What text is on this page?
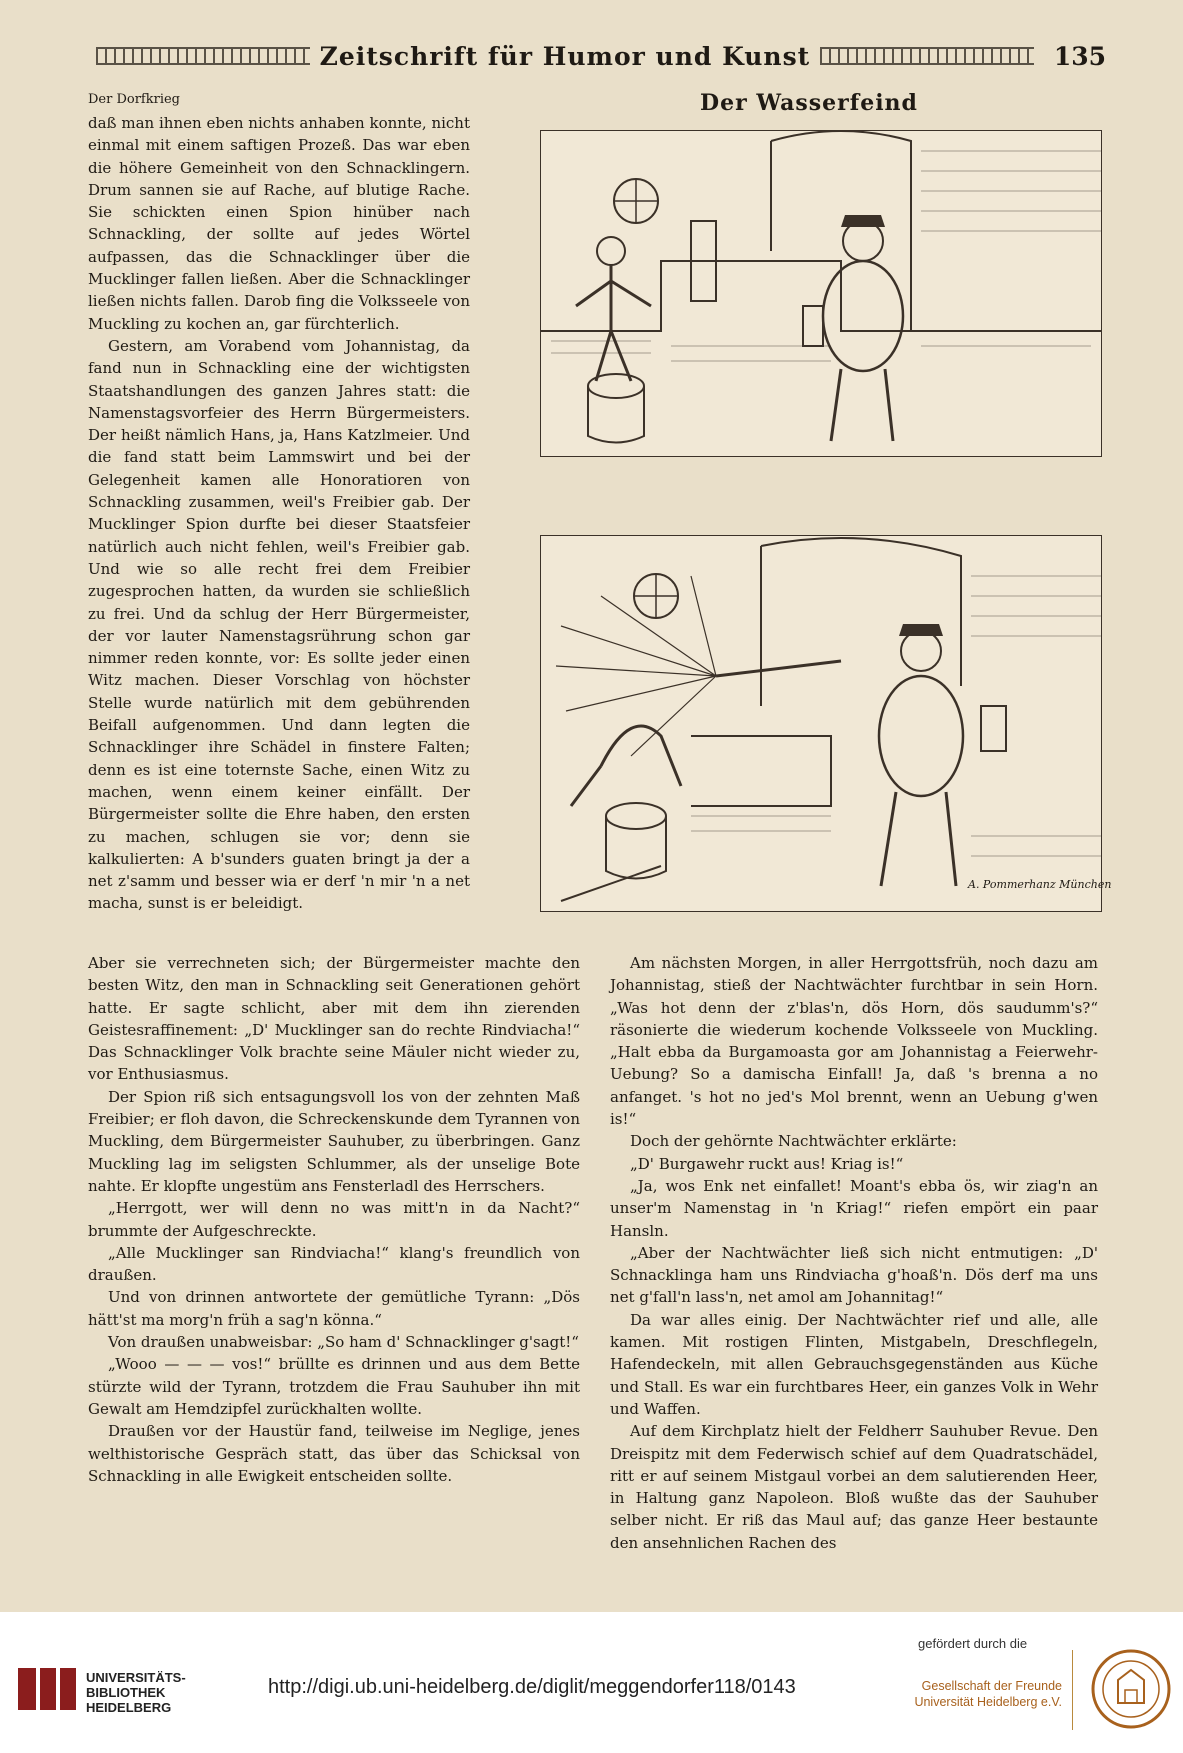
Zeitschrift für Humor und Kunst	135
Der Dorfkrieg	Der Wasserfeind

daß man ihnen eben nichts anhaben konnte, nicht einmal mit einem saftigen Prozeß. Das war eben die höhere Gemeinheit von den Schnacklingern. Drum sannen sie auf Rache, auf blutige Rache. Sie schickten einen Spion hinüber nach Schnackling, der sollte auf jedes Wörtel aufpassen, das die Schnacklinger über die Mucklinger fallen ließen. Aber die Schnacklinger ließen nichts fallen. Darob fing die Volksseele von Muckling zu kochen an, gar fürchterlich.

Gestern, am Vorabend vom Johannistag, da fand nun in Schnackling eine der wichtigsten Staatshandlungen des ganzen Jahres statt: die Namenstagsvorfeier des Herrn Bürgermeisters. Der heißt nämlich Hans, ja, Hans Katzlmeier. Und die fand statt beim Lammswirt und bei der Gelegenheit kamen alle Honoratioren von Schnackling zusammen, weil's Freibier gab. Der Mucklinger Spion durfte bei dieser Staatsfeier natürlich auch nicht fehlen, weil's Freibier gab. Und wie so alle recht frei dem Freibier zugesprochen hatten, da wurden sie schließlich zu frei. Und da schlug der Herr Bürgermeister, der vor lauter Namenstagsrührung schon gar nimmer reden konnte, vor: Es sollte jeder einen Witz machen. Dieser Vorschlag von höchster Stelle wurde natürlich mit dem gebührenden Beifall aufgenommen. Und dann legten die Schnacklinger ihre Schädel in finstere Falten; denn es ist eine toternste Sache, einen Witz zu machen, wenn einem keiner einfällt. Der Bürgermeister sollte die Ehre haben, den ersten zu machen, schlugen sie vor; denn sie kalkulierten: A b'sunders guaten bringt ja der a net z'samm und besser wia er derf 'n mir 'n a net macha, sunst is er beleidigt.

A. Pommerhanz München

Aber sie verrechneten sich; der Bürgermeister machte den besten Witz, den man in Schnackling seit Generationen gehört hatte. Er sagte schlicht, aber mit dem ihn zierenden Geistesraffinement: „D' Mucklinger san do rechte Rindviacha!“ Das Schnacklinger Volk brachte seine Mäuler nicht wieder zu, vor Enthusiasmus.

Der Spion riß sich entsagungsvoll los von der zehnten Maß Freibier; er floh davon, die Schreckenskunde dem Tyrannen von Muckling, dem Bürgermeister Sauhuber, zu überbringen. Ganz Muckling lag im seligsten Schlummer, als der unselige Bote nahte. Er klopfte ungestüm ans Fensterladl des Herrschers.

„Herrgott, wer will denn no was mitt'n in da Nacht?“ brummte der Aufgeschreckte.

„Alle Mucklinger san Rindviacha!“ klang's freundlich von draußen.

Und von drinnen antwortete der gemütliche Tyrann: „Dös hätt'st ma morg'n früh a sag'n könna.“

Von draußen unabweisbar: „So ham d' Schnacklinger g'sagt!“

„Wooo — — — vos!“ brüllte es drinnen und aus dem Bette stürzte wild der Tyrann, trotzdem die Frau Sauhuber ihn mit Gewalt am Hemdzipfel zurückhalten wollte.

Draußen vor der Haustür fand, teilweise im Neglige, jenes welthistorische Gespräch statt, das über das Schicksal von Schnackling in alle Ewigkeit entscheiden sollte.

Am nächsten Morgen, in aller Herrgottsfrüh, noch dazu am Johannistag, stieß der Nachtwächter furchtbar in sein Horn. „Was hot denn der z'blas'n, dös Horn, dös saudumm's?“ räsonierte die wiederum kochende Volksseele von Muckling. „Halt ebba da Burgamoasta gor am Johannistag a Feierwehr-Uebung? So a damischa Einfall! Ja, daß 's brenna a no anfanget. 's hot no jed's Mol brennt, wenn an Uebung g'wen is!“

Doch der gehörnte Nachtwächter erklärte:

„D' Burgawehr ruckt aus! Kriag is!“

„Ja, wos Enk net einfallet! Moant's ebba ös, wir ziag'n an unser'm Namenstag in 'n Kriag!“ riefen empört ein paar Hansln.

„Aber der Nachtwächter ließ sich nicht entmutigen: „D' Schnacklinga ham uns Rindviacha g'hoaß'n. Dös derf ma uns net g'fall'n lass'n, net amol am Johannitag!“

Da war alles einig. Der Nachtwächter rief und alle, alle kamen. Mit rostigen Flinten, Mistgabeln, Dreschflegeln, Hafendeckeln, mit allen Gebrauchsgegenständen aus Küche und Stall. Es war ein furchtbares Heer, ein ganzes Volk in Wehr und Waffen.

Auf dem Kirchplatz hielt der Feldherr Sauhuber Revue. Den Dreispitz mit dem Federwisch schief auf dem Quadratschädel, ritt er auf seinem Mistgaul vorbei an dem salutierenden Heer, in Haltung ganz Napoleon. Bloß wußte das der Sauhuber selber nicht. Er riß das Maul auf; das ganze Heer bestaunte den ansehnlichen Rachen des

UNIVERSITÄTS-
BIBLIOTHEK
HEIDELBERG
http://digi.ub.uni-heidelberg.de/diglit/meggendorfer118/0143
gefördert durch die
Gesellschaft der Freunde
Universität Heidelberg e.V.
